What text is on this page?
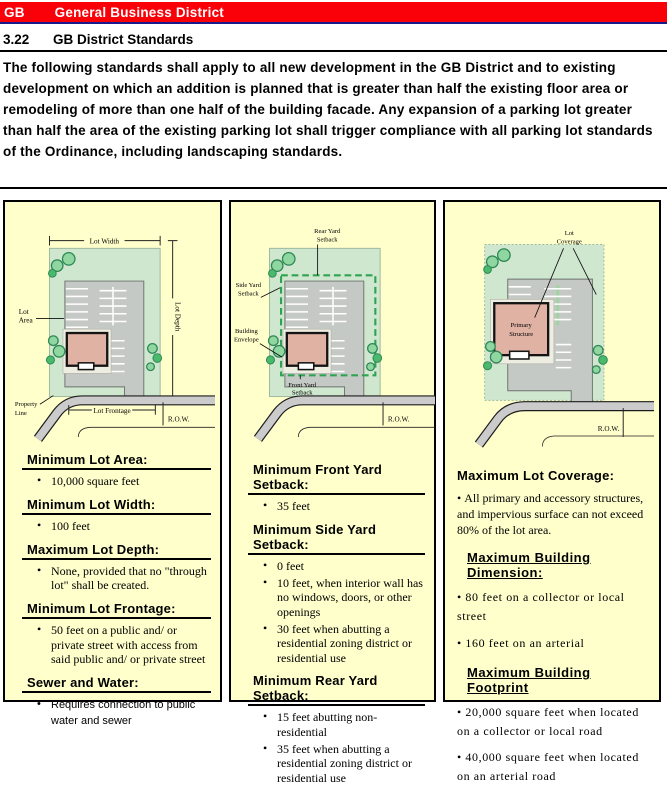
GB General Business District
3.22 GB District Standards

The following standards shall apply to all new development in the GB District and to existing development on which an addition is planned that is greater than half the existing floor area or remodeling of more than one half of the building facade. Any expansion of a parking lot greater than half the area of the existing parking lot shall trigger compliance with all parking lot standards of the Ordinance, including landscaping standards.

Lot Width
Lot Depth
Lot
Area
Property
Line	Lot Frontage
R.O.W.
Minimum Lot Area:
• 10,000 square feet
Minimum Lot Width:
• 100 feet
Maximum Lot Depth:
• None, provided that no "through lot" shall be created.
Minimum Lot Frontage:
• 50 feet on a public and/ or private street with access from said public and/ or private street
Sewer and Water:
• Requires connection to public water and sewer
Rear Yard
Setback
Side Yard
Setback
Building
Envelope
Front Yard
Setback
R.O.W.
Minimum Front Yard Setback:
• 35 feet
Minimum Side Yard Setback:
• 0 feet
• 10 feet, when interior wall has no windows, doors, or other openings
• 30 feet when abutting a residential zoning district or residential use
Minimum Rear Yard Setback:
• 15 feet abutting non-residential
• 35 feet when abutting a residential zoning district or residential use
Primary
Structure
Lot
Coverage
R.O.W.
Maximum Lot Coverage:

• All primary and accessory structures, and impervious surface can not exceed 80% of the lot area.

Maximum Building Dimension:

• 80 feet on a collector or local street

• 160 feet on an arterial

Maximum Building Footprint

• 20,000 square feet when located on a collector or local road

• 40,000 square feet when located on an arterial road
